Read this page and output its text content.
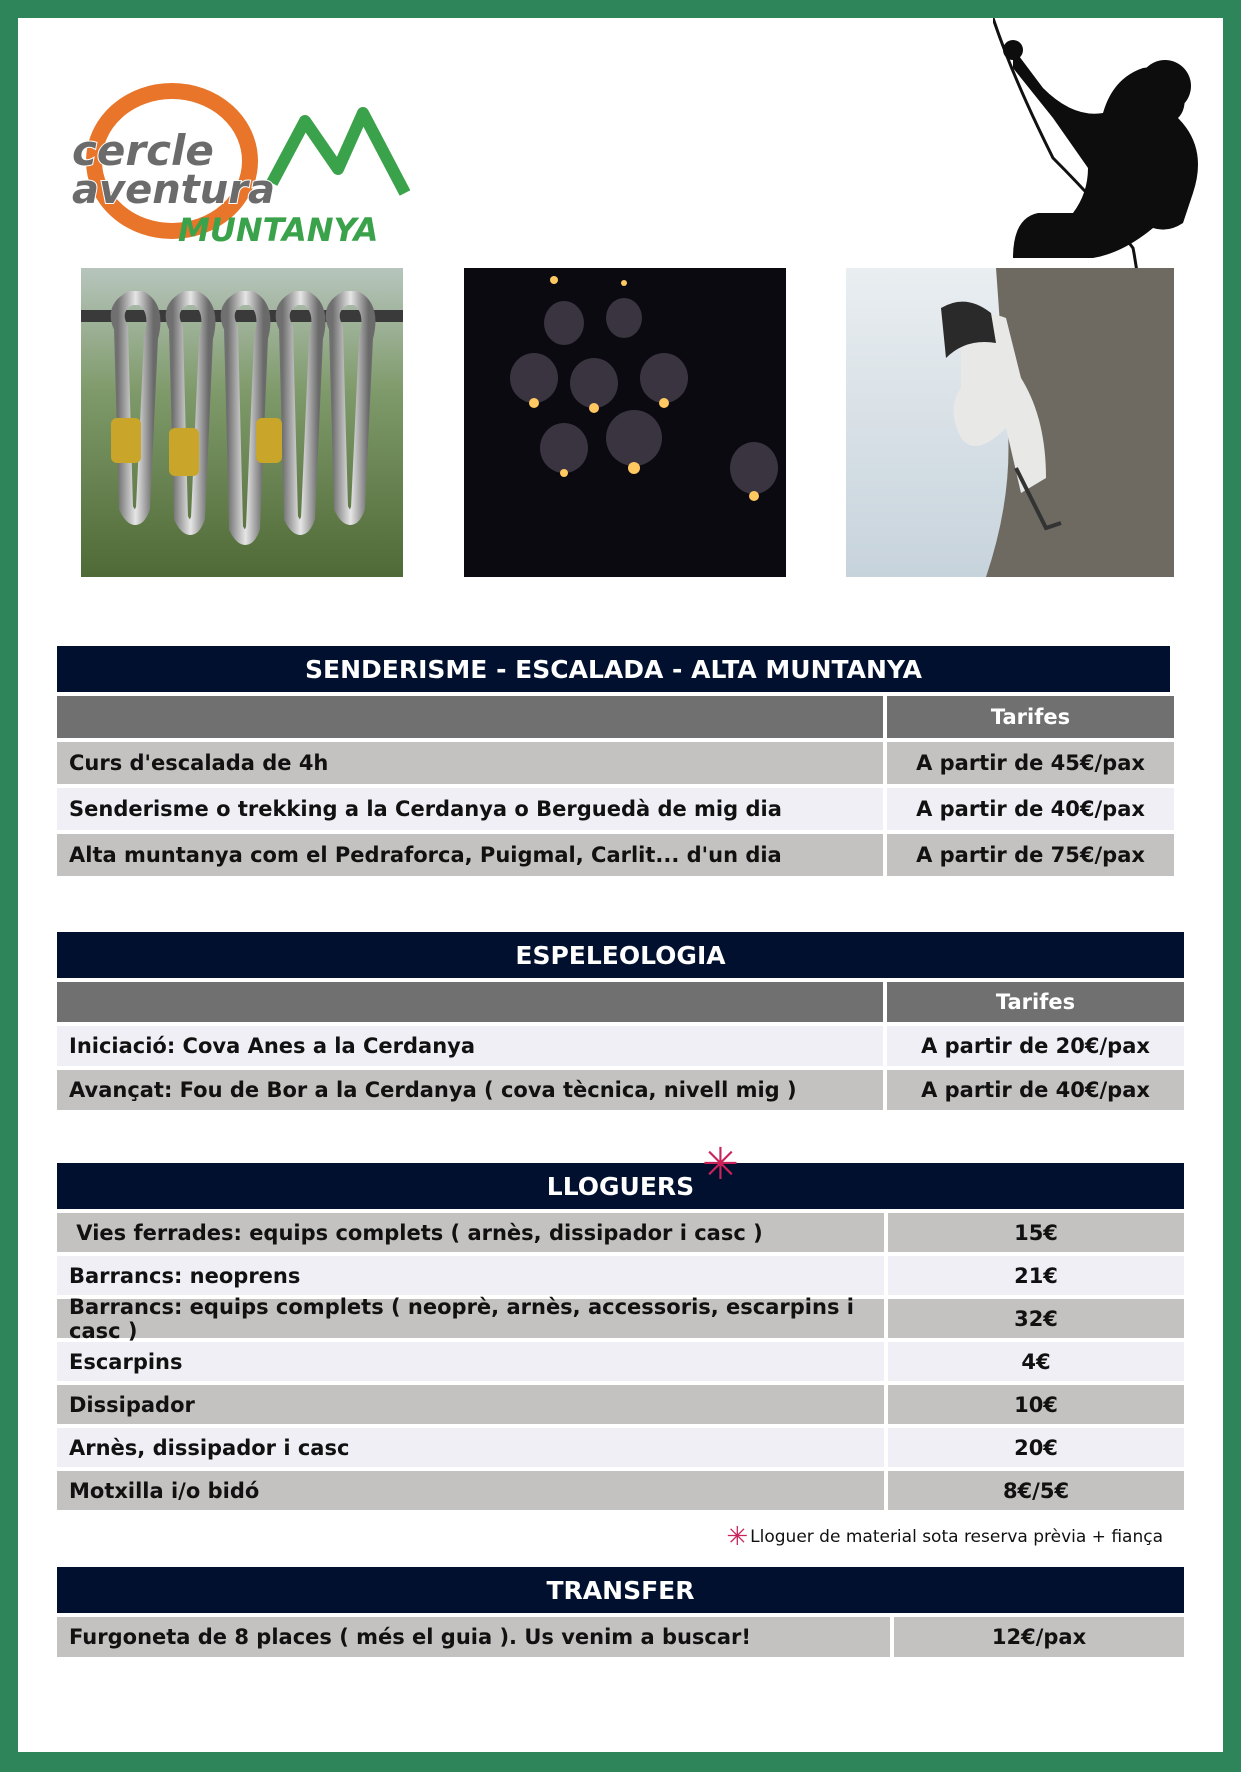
cercle
aventura
MUNTANYA
SENDERISME - ESCALADA - ALTA MUNTANYA
Tarifes
Curs d'escalada de 4h	A partir de 45€/pax
Senderisme o trekking a la Cerdanya o Berguedà de mig dia	A partir de 40€/pax
Alta muntanya com el Pedraforca, Puigmal, Carlit... d'un dia	A partir de 75€/pax
ESPELEOLOGIA
Tarifes
Iniciació: Cova Anes a la Cerdanya	A partir de 20€/pax
Avançat: Fou de Bor a la Cerdanya ( cova tècnica, nivell mig )	A partir de 40€/pax
LLOGUERS ✳
Vies ferrades: equips complets ( arnès, dissipador i casc )	15€
Barrancs: neoprens	21€
Barrancs: equips complets ( neoprè, arnès, accessoris, escarpins i casc )	32€
Escarpins	4€
Dissipador	10€
Arnès, dissipador i casc	20€
Motxilla i/o bidó	8€/5€
✳ Lloguer de material sota reserva prèvia + fiança
TRANSFER
Furgoneta de 8 places ( més el guia ). Us venim a buscar!	12€/pax
